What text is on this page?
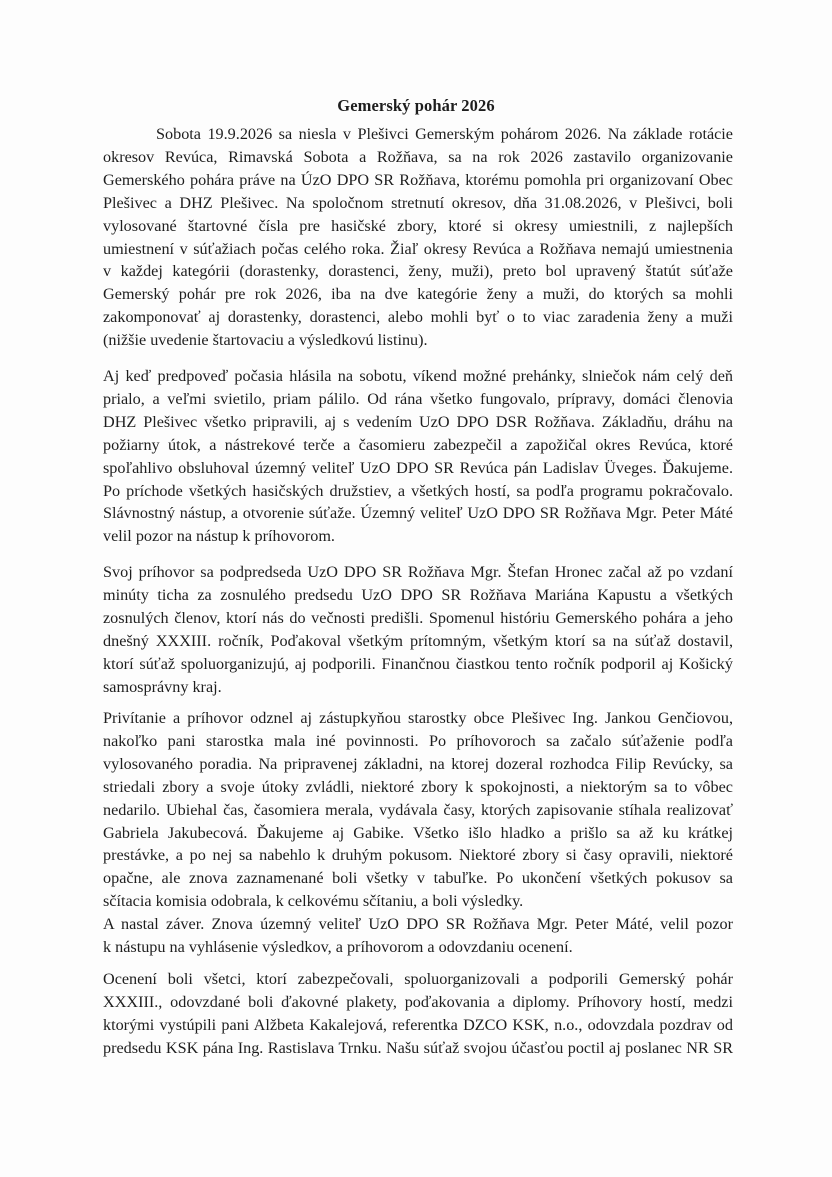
Gemerský pohár 2026
Sobota 19.9.2026 sa niesla v Plešivci Gemerským pohárom 2026. Na základe rotácie
okresov Revúca, Rimavská Sobota a Rožňava, sa na rok 2026 zastavilo organizovanie
Gemerského pohára práve na ÚzO DPO SR Rožňava, ktorému pomohla pri organizovaní Obec
Plešivec a DHZ Plešivec. Na spoločnom stretnutí okresov, dňa 31.08.2026, v Plešivci, boli
vylosované štartovné čísla pre hasičské zbory, ktoré si okresy umiestnili, z najlepších
umiestnení v súťažiach počas celého roka. Žiaľ okresy Revúca a Rožňava nemajú umiestnenia
v každej kategórii (dorastenky, dorastenci, ženy, muži), preto bol upravený štatút súťaže
Gemerský pohár pre rok 2026, iba na dve kategórie ženy a muži, do ktorých sa mohli
zakomponovať aj dorastenky, dorastenci, alebo mohli byť o to viac zaradenia ženy a muži
(nižšie uvedenie štartovaciu a výsledkovú listinu).
Aj keď predpoveď počasia hlásila na sobotu, víkend možné prehánky, slniečok nám celý deň
prialo, a veľmi svietilo, priam pálilo. Od rána všetko fungovalo, prípravy, domáci členovia
DHZ Plešivec všetko pripravili, aj s vedením UzO DPO DSR Rožňava. Základňu, dráhu na
požiarny útok, a nástrekové terče a časomieru zabezpečil a zapožičal okres Revúca, ktoré
spoľahlivo obsluhoval územný veliteľ UzO DPO SR Revúca pán Ladislav Üveges. Ďakujeme.
Po príchode všetkých hasičských družstiev, a všetkých hostí, sa podľa programu pokračovalo.
Slávnostný nástup, a otvorenie súťaže. Územný veliteľ UzO DPO SR Rožňava Mgr. Peter Máté
velil pozor na nástup k príhovorom.
Svoj príhovor sa podpredseda UzO DPO SR Rožňava Mgr. Štefan Hronec začal až po vzdaní
minúty ticha za zosnulého predsedu UzO DPO SR Rožňava Mariána Kapustu a všetkých
zosnulých členov, ktorí nás do večnosti predišli. Spomenul históriu Gemerského pohára a jeho
dnešný XXXIII. ročník, Poďakoval všetkým prítomným, všetkým ktorí sa na súťaž dostavil,
ktorí súťaž spoluorganizujú, aj podporili. Finančnou čiastkou tento ročník podporil aj Košický
samosprávny kraj.
Privítanie a príhovor odznel aj zástupkyňou starostky obce Plešivec Ing. Jankou Genčiovou,
nakoľko pani starostka mala iné povinnosti. Po príhovoroch sa začalo súťaženie podľa
vylosovaného poradia. Na pripravenej základni, na ktorej dozeral rozhodca Filip Revúcky, sa
striedali zbory a svoje útoky zvládli, niektoré zbory k spokojnosti, a niektorým sa to vôbec
nedarilo. Ubiehal čas, časomiera merala, vydávala časy, ktorých zapisovanie stíhala realizovať
Gabriela Jakubecová. Ďakujeme aj Gabike. Všetko išlo hladko a prišlo sa až ku krátkej
prestávke, a po nej sa nabehlo k druhým pokusom. Niektoré zbory si časy opravili, niektoré
opačne, ale znova zaznamenané boli všetky v tabuľke. Po ukončení všetkých pokusov sa
sčítacia komisia odobrala, k celkovému sčítaniu, a boli výsledky.
A nastal záver. Znova územný veliteľ UzO DPO SR Rožňava Mgr. Peter Máté, velil pozor
k nástupu na vyhlásenie výsledkov, a príhovorom a odovzdaniu ocenení.
Ocenení boli všetci, ktorí zabezpečovali, spoluorganizovali a podporili Gemerský pohár
XXXIII., odovzdané boli ďakovné plakety, poďakovania a diplomy. Príhovory hostí, medzi
ktorými vystúpili pani Alžbeta Kakalejová, referentka DZCO KSK, n.o., odovzdala pozdrav od
predsedu KSK pána Ing. Rastislava Trnku. Našu súťaž svojou účasťou poctil aj poslanec NR SR
